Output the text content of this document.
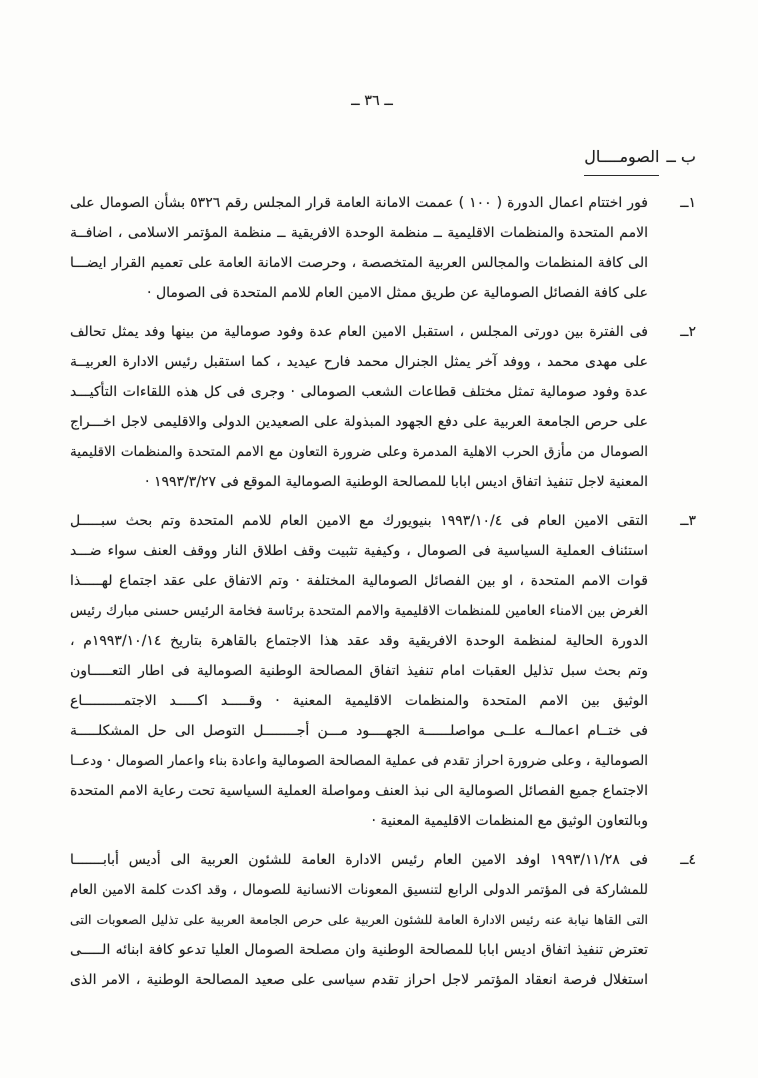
ــ ٣٦ ــ
ب ــالصومــــال
١ــ
فور اختتام اعمال الدورة ( ١٠٠ ) عممت الامانة العامة قرار المجلس رقم ٥٣٢٦ بشأن الصومال على
الامم المتحدة والمنظمات الاقليمية ــ منظمة الوحدة الافريقية ــ منظمة المؤتمر الاسلامى ، اضافــة
الى كافة المنظمات والمجالس العربية المتخصصة ، وحرصت الامانة العامة على تعميم القرار ايضـــا
على كافة الفصائل الصومالية عن طريق ممثل الامين العام للامم المتحدة فى الصومال ·
٢ــ
فى الفترة بين دورتى المجلس ، استقبل الامين العام عدة وفود صومالية من بينها وفد يمثل تحالف
على مهدى محمد ، ووفد آخر يمثل الجنرال محمد فارح عيديد ، كما استقبل رئيس الادارة العربيــة
عدة وفود صومالية تمثل مختلف قطاعات الشعب الصومالى · وجرى فى كل هذه اللقاءات التأكيـــد
على حرص الجامعة العربية على دفع الجهود المبذولة على الصعيدين الدولى والاقليمى لاجل اخـــراج
الصومال من مأزق الحرب الاهلية المدمرة وعلى ضرورة التعاون مع الامم المتحدة والمنظمات الاقليمية
المعنية لاجل تنفيذ اتفاق اديس ابابا للمصالحة الوطنية الصومالية الموقع فى ١٩٩٣/٣/٢٧ ·
٣ــ
التقى الامين العام فى ١٩٩٣/١٠/٤ بنيويورك مع الامين العام للامم المتحدة وتم بحث سبـــــل
استئناف العملية السياسية فى الصومال ، وكيفية تثبيت وقف اطلاق النار ووقف العنف سواء ضـــد
قوات الامم المتحدة ، او بين الفصائل الصومالية المختلفة · وتم الاتفاق على عقد اجتماع لهـــــذا
الغرض بين الامناء العامين للمنظمات الاقليمية والامم المتحدة برئاسة فخامة الرئيس حسنى مبارك رئيس
الدورة الحالية لمنظمة الوحدة الافريقية وقد عقد هذا الاجتماع بالقاهرة بتاريخ ١٩٩٣/١٠/١٤م ،
وتم بحث سبل تذليل العقبات امام تنفيذ اتفاق المصالحة الوطنية الصومالية فى اطار التعـــــاون
الوثيق بين الامم المتحدة والمنظمات الاقليمية المعنية · وقـــــد اكـــــد الاجتمــــــــــاع
فى ختــام اعمالــه علــى مواصلــــــة الجهــــود مـــن أجــــــــل التوصل الى حل المشكلـــــة
الصومالية ، وعلى ضرورة احراز تقدم فى عملية المصالحة الصومالية واعادة بناء واعمار الصومال · ودعــا
الاجتماع جميع الفصائل الصومالية الى نبذ العنف ومواصلة العملية السياسية تحت رعاية الامم المتحدة
وبالتعاون الوثيق مع المنظمات الاقليمية المعنية ·
٤ــ
فى ١٩٩٣/١١/٢٨ اوفد الامين العام رئيس الادارة العامة للشئون العربية الى أديس أبابـــــــا
للمشاركة فى المؤتمر الدولى الرابع لتنسيق المعونات الانسانية للصومال ، وقد اكدت كلمة الامين العام
التى القاها نيابة عنه رئيس الادارة العامة للشئون العربية على حرص الجامعة العربية على تذليل الصعوبات التى
تعترض تنفيذ اتفاق اديس ابابا للمصالحة الوطنية وان مصلحة الصومال العليا تدعو كافة ابنائه الـــــى
استغلال فرصة انعقاد المؤتمر لاجل احراز تقدم سياسى على صعيد المصالحة الوطنية ، الامر الذى
